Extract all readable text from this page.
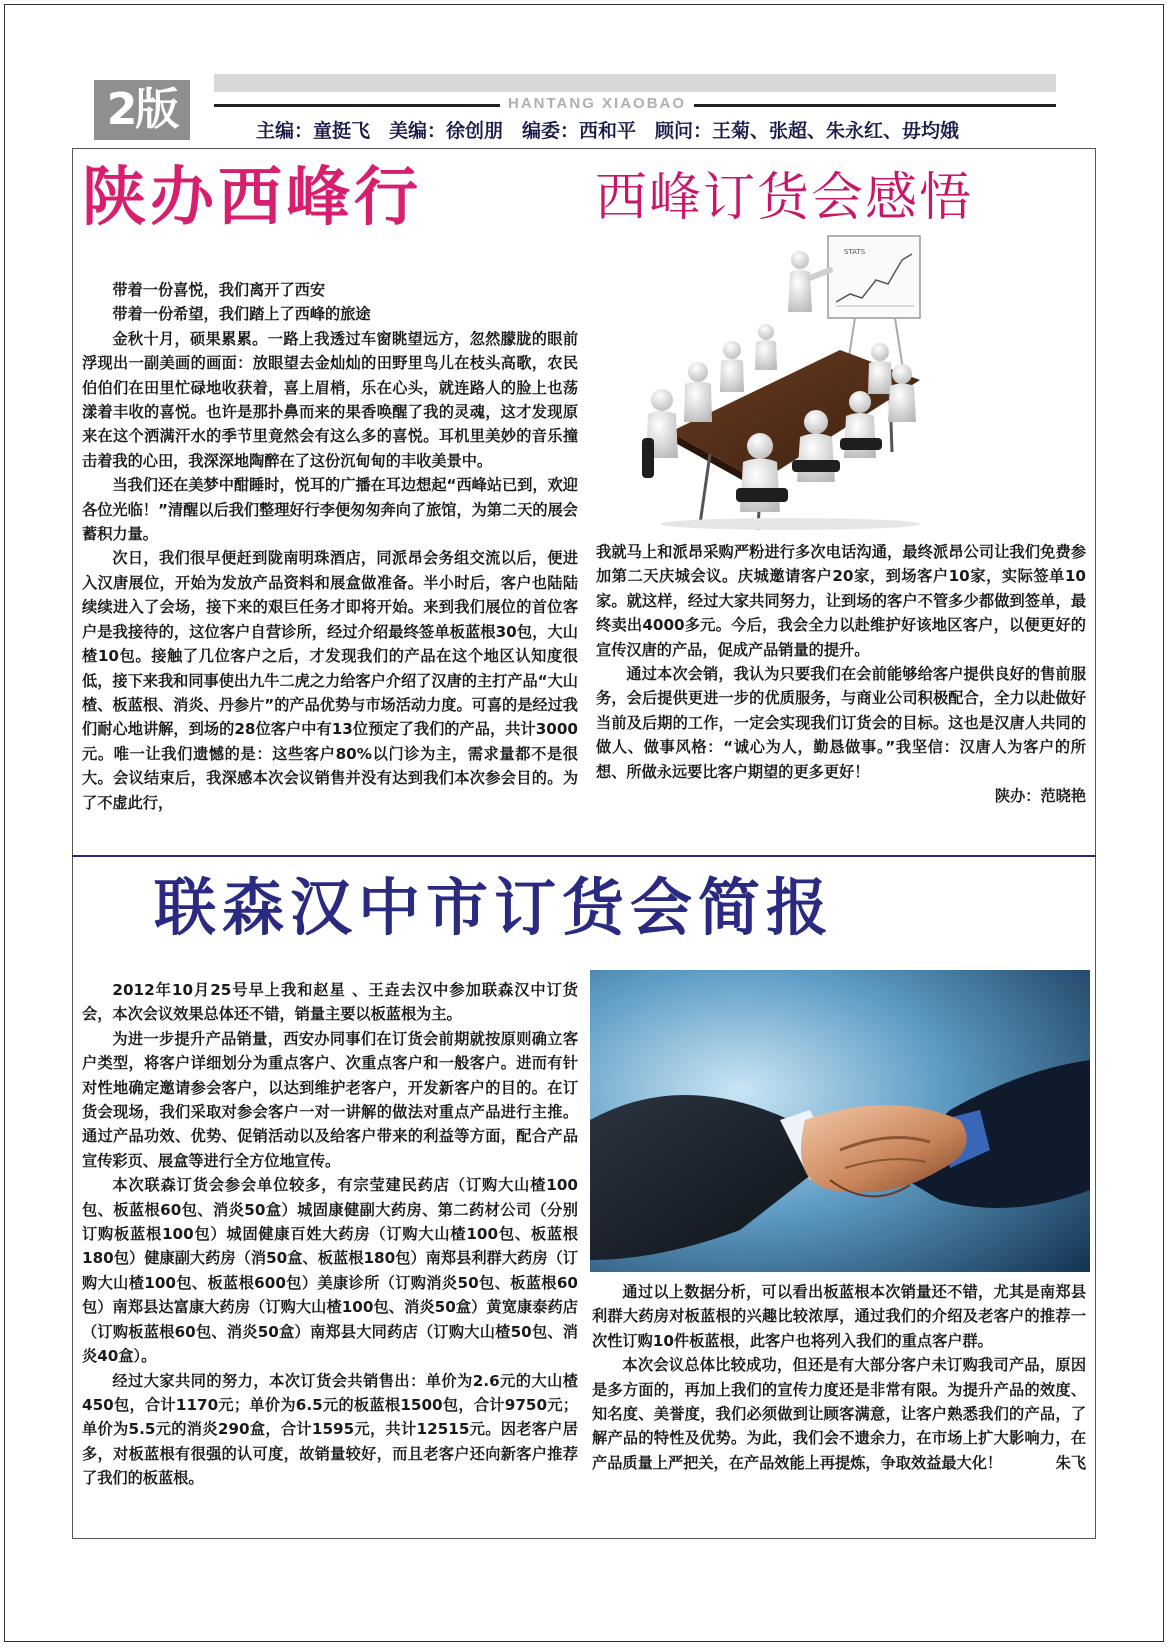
2版	HANTANG XIAOBAO
主编：童挺飞　美编：徐创朋　编委：西和平　顾问：王菊、张超、朱永红、毋均娥
陕办西峰行	西峰订货会感悟

带着一份喜悦，我们离开了西安

带着一份希望，我们踏上了西峰的旅途

金秋十月，硕果累累。一路上我透过车窗眺望远方，忽然朦胧的眼前浮现出一副美画的画面：放眼望去金灿灿的田野里鸟儿在枝头高歌，农民伯伯们在田里忙碌地收获着，喜上眉梢，乐在心头，就连路人的脸上也荡漾着丰收的喜悦。也许是那扑鼻而来的果香唤醒了我的灵魂，这才发现原来在这个洒满汗水的季节里竟然会有这么多的喜悦。耳机里美妙的音乐撞击着我的心田，我深深地陶醉在了这份沉甸甸的丰收美景中。

当我们还在美梦中酣睡时，悦耳的广播在耳边想起“西峰站已到，欢迎各位光临！”清醒以后我们整理好行李便匆匆奔向了旅馆，为第二天的展会蓄积力量。

次日，我们很早便赶到陇南明珠酒店，同派昂会务组交流以后，便进入汉唐展位，开始为发放产品资料和展盒做准备。半小时后，客户也陆陆续续进入了会场，接下来的艰巨任务才即将开始。来到我们展位的首位客户是我接待的，这位客户自营诊所，经过介绍最终签单板蓝根30包，大山楂10包。接触了几位客户之后，才发现我们的产品在这个地区认知度很低，接下来我和同事使出九牛二虎之力给客户介绍了汉唐的主打产品“大山楂、板蓝根、消炎、丹参片”的产品优势与市场活动力度。可喜的是经过我们耐心地讲解，到场的28位客户中有13位预定了我们的产品，共计3000元。唯一让我们遗憾的是：这些客户80%以门诊为主，需求量都不是很大。会议结束后，我深感本次会议销售并没有达到我们本次参会目的。为了不虚此行，

STATS

我就马上和派昂采购严粉进行多次电话沟通，最终派昂公司让我们免费参加第二天庆城会议。庆城邀请客户20家，到场客户10家，实际签单10家。就这样，经过大家共同努力，让到场的客户不管多少都做到签单，最终卖出4000多元。今后，我会全力以赴维护好该地区客户，以便更好的宣传汉唐的产品，促成产品销量的提升。

通过本次会销，我认为只要我们在会前能够给客户提供良好的售前服务，会后提供更进一步的优质服务，与商业公司积极配合，全力以赴做好当前及后期的工作，一定会实现我们订货会的目标。这也是汉唐人共同的做人、做事风格：“诚心为人，勤恳做事。”我坚信：汉唐人为客户的所想、所做永远要比客户期望的更多更好！

陕办：范晓艳

联森汉中市订货会简报

2012年10月25号早上我和赵星 、王垚去汉中参加联森汉中订货会，本次会议效果总体还不错，销量主要以板蓝根为主。

为进一步提升产品销量，西安办同事们在订货会前期就按原则确立客户类型，将客户详细划分为重点客户、次重点客户和一般客户。进而有针对性地确定邀请参会客户，以达到维护老客户，开发新客户的目的。在订货会现场，我们采取对参会客户一对一讲解的做法对重点产品进行主推。通过产品功效、优势、促销活动以及给客户带来的利益等方面，配合产品宣传彩页、展盒等进行全方位地宣传。

本次联森订货会参会单位较多，有宗莹建民药店（订购大山楂100包、板蓝根60包、消炎50盒）城固康健副大药房、第二药材公司（分别订购板蓝根100包）城固健康百姓大药房（订购大山楂100包、板蓝根180包）健康副大药房（消50盒、板蓝根180包）南郑县利群大药房（订购大山楂100包、板蓝根600包）美康诊所（订购消炎50包、板蓝根60包）南郑县达富康大药房（订购大山楂100包、消炎50盒）黄宽康泰药店（订购板蓝根60包、消炎50盒）南郑县大同药店（订购大山楂50包、消炎40盒）。

经过大家共同的努力，本次订货会共销售出：单价为2.6元的大山楂450包，合计1170元；单价为6.5元的板蓝根1500包，合计9750元；单价为5.5元的消炎290盒，合计1595元，共计12515元。因老客户居多，对板蓝根有很强的认可度，故销量较好，而且老客户还向新客户推荐了我们的板蓝根。

通过以上数据分析，可以看出板蓝根本次销量还不错，尤其是南郑县利群大药房对板蓝根的兴趣比较浓厚，通过我们的介绍及老客户的推荐一次性订购10件板蓝根，此客户也将列入我们的重点客户群。

本次会议总体比较成功，但还是有大部分客户未订购我司产品，原因是多方面的，再加上我们的宣传力度还是非常有限。为提升产品的效度、知名度、美誉度，我们必须做到让顾客满意，让客户熟悉我们的产品，了解产品的特性及优势。为此，我们会不遗余力，在市场上扩大影响力，在产品质量上严把关，在产品效能上再提炼，争取效益最大化！	朱飞
